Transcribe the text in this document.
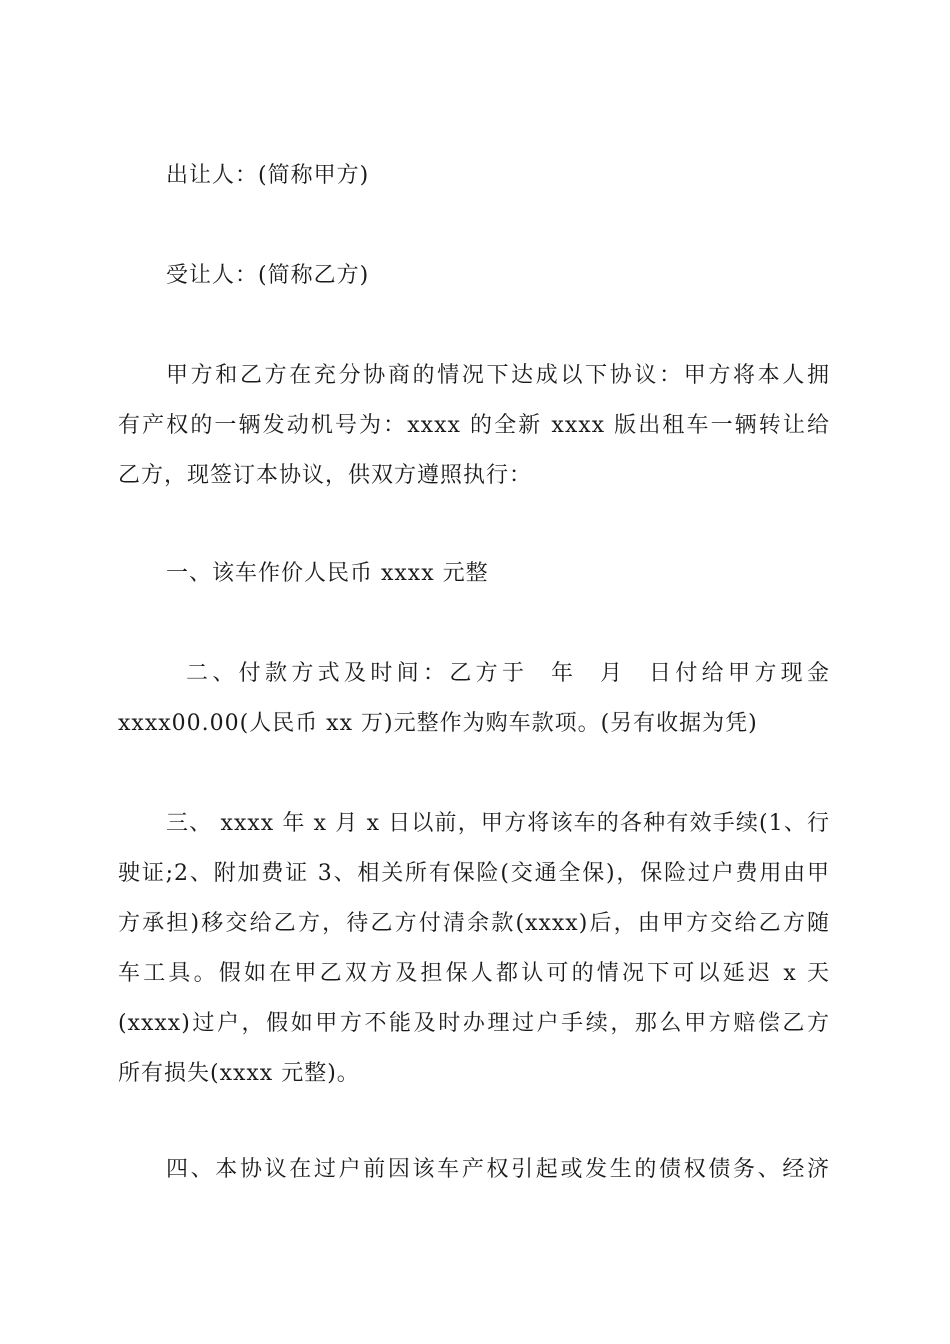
出让人：(简称甲方)
受让人：(简称乙方)
甲方和乙方在充分协商的情况下达成以下协议：甲方将本人拥
有产权的一辆发动机号为：xxxx 的全新 xxxx 版出租车一辆转让给
乙方，现签订本协议，供双方遵照执行：
一、该车作价人民币 xxxx 元整
二、付款方式及时间：乙方于  年  月  日付给甲方现金
xxxx00.00(人民币 xx 万)元整作为购车款项。(另有收据为凭)
三、 xxxx 年 x 月 x 日以前，甲方将该车的各种有效手续(1、行
驶证;2、附加费证 3、相关所有保险(交通全保)，保险过户费用由甲
方承担)移交给乙方，待乙方付清余款(xxxx)后，由甲方交给乙方随
车工具。假如在甲乙双方及担保人都认可的情况下可以延迟 x 天
(xxxx)过户，假如甲方不能及时办理过户手续，那么甲方赔偿乙方
所有损失(xxxx 元整)。
四、本协议在过户前因该车产权引起或发生的债权债务、经济
